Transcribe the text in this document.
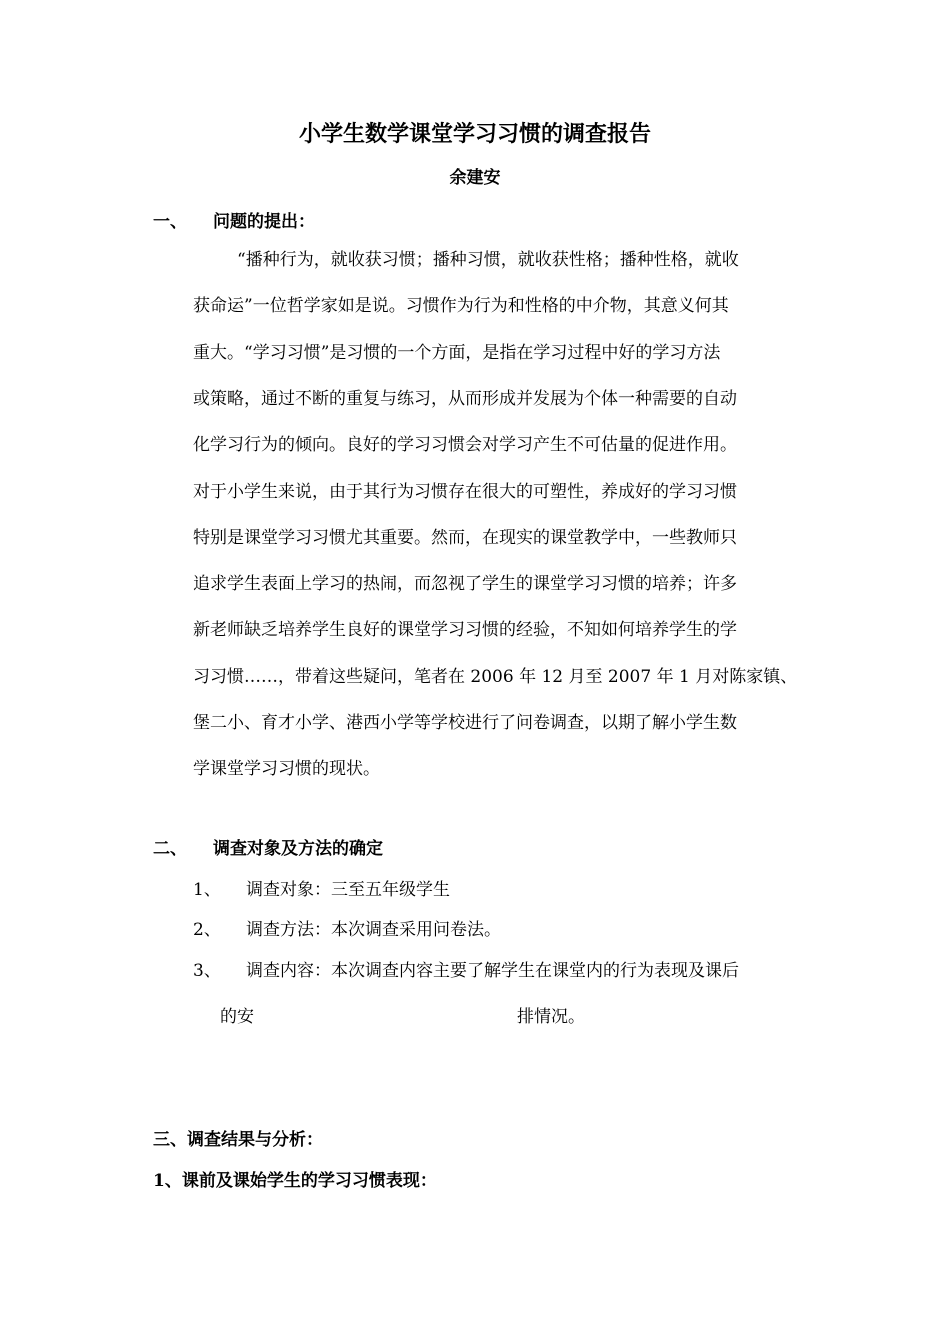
小学生数学课堂学习习惯的调查报告
余建安
一、 问题的提出：
“播种行为，就收获习惯；播种习惯，就收获性格；播种性格，就收
获命运”一位哲学家如是说。习惯作为行为和性格的中介物，其意义何其
重大。“学习习惯”是习惯的一个方面，是指在学习过程中好的学习方法
或策略，通过不断的重复与练习，从而形成并发展为个体一种需要的自动
化学习行为的倾向。良好的学习习惯会对学习产生不可估量的促进作用。
对于小学生来说，由于其行为习惯存在很大的可塑性，养成好的学习习惯
特别是课堂学习习惯尤其重要。然而，在现实的课堂教学中，一些教师只
追求学生表面上学习的热闹，而忽视了学生的课堂学习习惯的培养；许多
新老师缺乏培养学生良好的课堂学习习惯的经验，不知如何培养学生的学
习习惯……，带着这些疑问，笔者在 2006 年 12 月至 2007 年 1 月对陈家镇、
堡二小、育才小学、港西小学等学校进行了问卷调查，以期了解小学生数
学课堂学习习惯的现状。
二、 调查对象及方法的确定
1、 调查对象：三至五年级学生
2、 调查方法：本次调查采用问卷法。
3、 调查内容：本次调查内容主要了解学生在课堂内的行为表现及课后
的安	排情况。
三、调查结果与分析：
1、课前及课始学生的学习习惯表现：
